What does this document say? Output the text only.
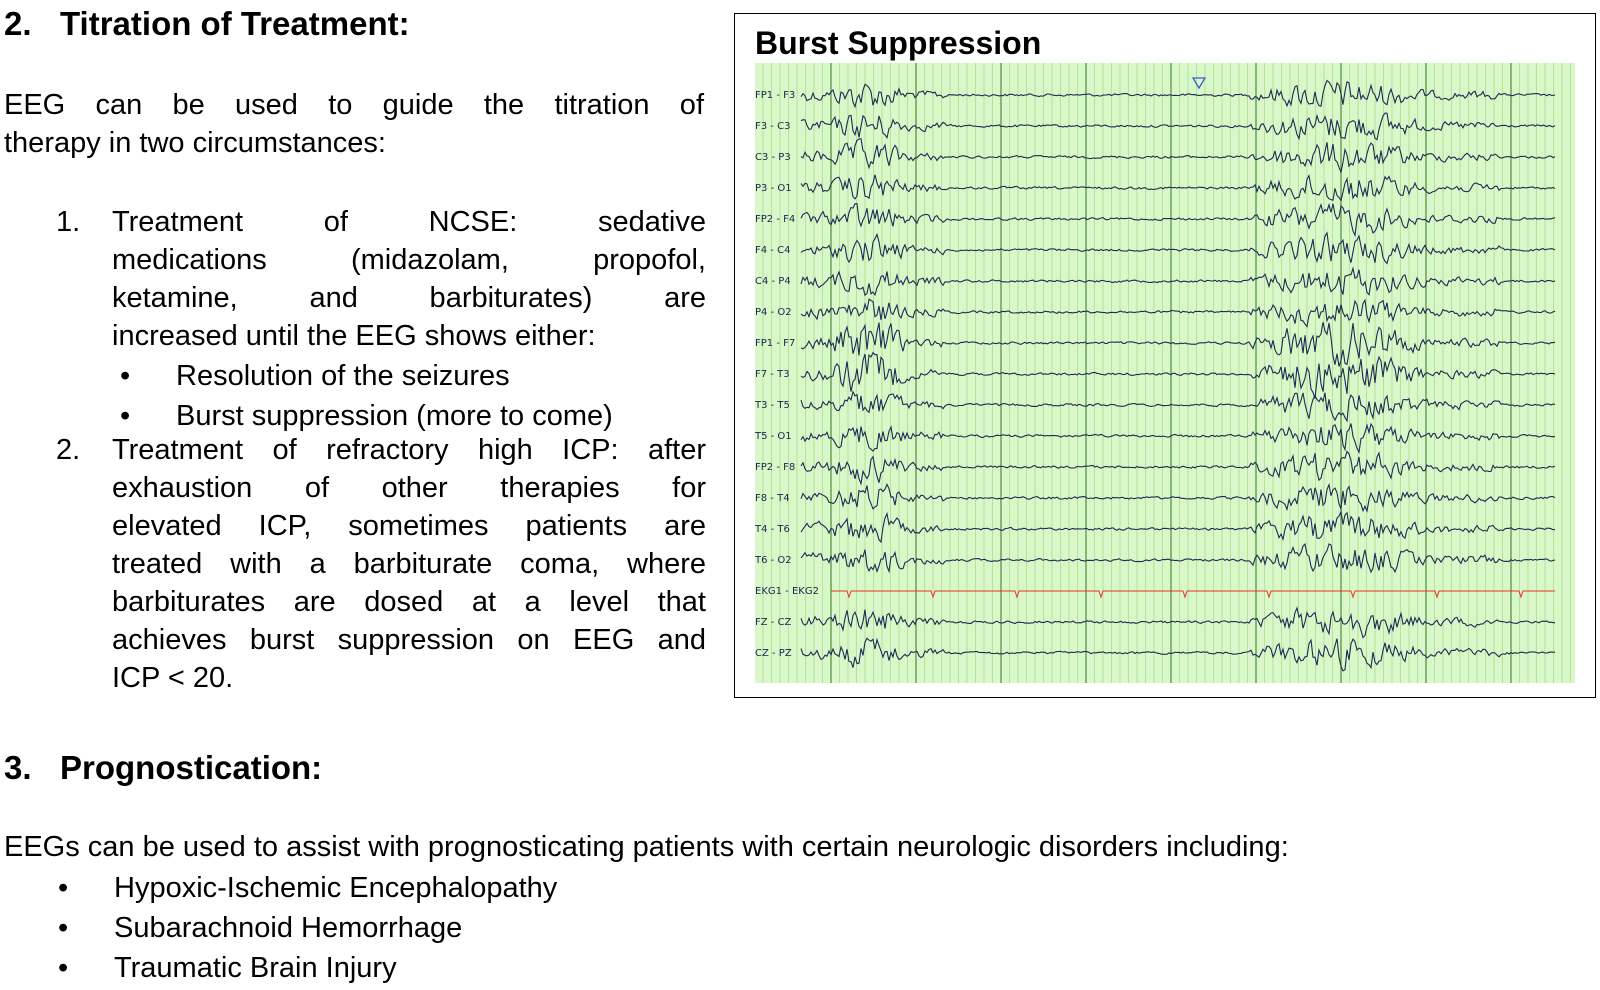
2. Titration of Treatment:
EEG can be used to guide the titration of
therapy in two circumstances:
1. Treatment of NCSE: sedative
medications (midazolam, propofol,
ketamine, and barbiturates) are
increased until the EEG shows either:
• Resolution of the seizures
• Burst suppression (more to come)
2. Treatment of refractory high ICP: after
exhaustion of other therapies for
elevated ICP, sometimes patients are
treated with a barbiturate coma, where
barbiturates are dosed at a level that
achieves burst suppression on EEG and
ICP < 20.
Burst Suppression
FP1 - F3
F3 - C3
C3 - P3
P3 - O1
FP2 - F4
F4 - C4
C4 - P4
P4 - O2
FP1 - F7
F7 - T3
T3 - T5
T5 - O1
FP2 - F8
F8 - T4
T4 - T6
T6 - O2
EKG1 - EKG2
FZ - CZ
CZ - PZ
3. Prognostication:
EEGs can be used to assist with prognosticating patients with certain neurologic disorders including:
• Hypoxic-Ischemic Encephalopathy
• Subarachnoid Hemorrhage
• Traumatic Brain Injury
